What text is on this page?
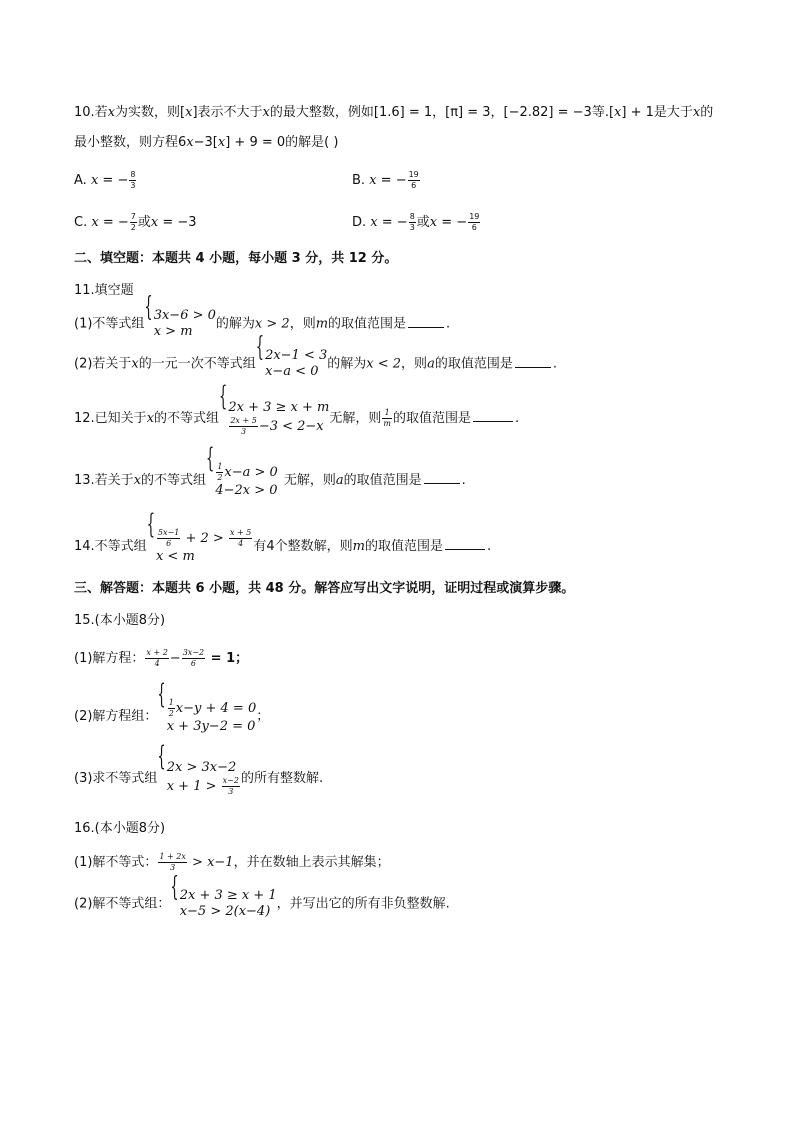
10.若x为实数，则[x]表示不大于x的最大整数，例如[1.6] = 1，[π] = 3，[−2.82] = −3等.[x] + 1是大于x的
最小整数，则方程6x−3[x] + 9 = 0的解是( )
A. x = − $\frac{8}{3}$	B. x = − $\frac{19}{6}$
C. x = − $\frac{7}{2}$ 或x = −3	D. x = − $\frac{8}{3}$ 或x = − $\frac{19}{6}$
二、填空题：本题共 4 小题，每小题 3 分，共 12 分。
11.填空题
(1)不等式组 { 3x−6 > 0
x > m	的解为x > 2，则m的取值范围是	.
(2)若关于x的一元一次不等式组 { 2x−1 < 3
x−a < 0 的解为x < 2，则a的取值范围是	.
12.已知关于x的不等式组
{ 2x + 3 ≥ x + m
$\frac{2x + 5}{3} -3 < 2-x$
无解，则 $\frac{1}{m}$ 的取值范围是	.
13.若关于x的不等式组
{ $\frac{1}{2} x-a > 0$
4−2x > 0
无解，则a的取值范围是	.
14.不等式组
{ $\frac{5x-1}{6} + 2 > \frac{x + 5}{4}$
x < m
有4个整数解，则m的取值范围是	.
三、解答题：本题共 6 小题，共 48 分。解答应写出文字说明，证明过程或演算步骤。
15.(本小题8分)
(1)解方程： $\frac{x + 2}{4} - \frac{3x-2}{6} = 1$；
(2)解方程组：
{ $\frac{1}{2} x-y + 4 = 0$
x + 3y−2 = 0
；
(3)求不等式组
{ 2x > 3x−2
$x + 1 > \frac{x-2}{3}$ 的所有整数解.
16.(本小题8分)
(1)解不等式： $\frac{1 + 2x}{3} > x-1$，并在数轴上表示其解集；
(2)解不等式组： { 2x + 3 ≥ x + 1
x−5 > 2(x−4) ，并写出它的所有非负整数解.
